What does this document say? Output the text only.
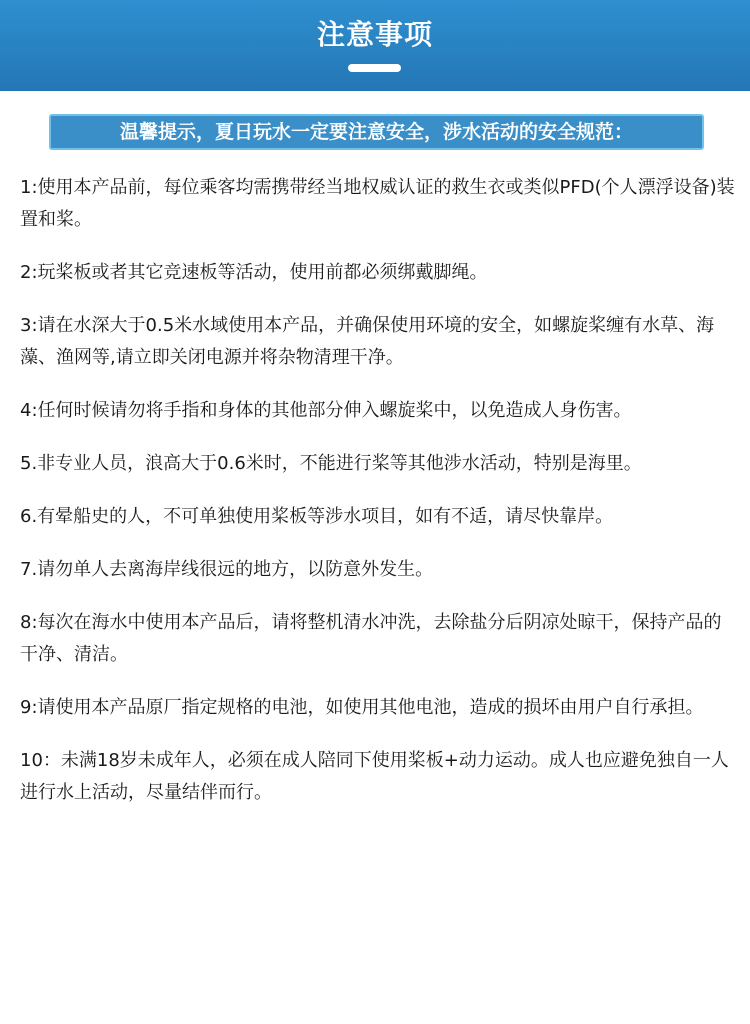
注意事项
温馨提示，夏日玩水一定要注意安全，涉水活动的安全规范：
1:使用本产品前，每位乘客均需携带经当地权威认证的救生衣或类似PFD(个人漂浮设备)装置和桨。
2:玩桨板或者其它竞速板等活动，使用前都必须绑戴脚绳。
3:请在水深大于0.5米水域使用本产品，并确保使用环境的安全，如螺旋桨缠有水草、海藻、渔网等,请立即关闭电源并将杂物清理干净。
4:任何时候请勿将手指和身体的其他部分伸入螺旋桨中，以免造成人身伤害。
5.非专业人员，浪高大于0.6米时，不能进行桨等其他涉水活动，特别是海里。
6.有晕船史的人，不可单独使用桨板等涉水项目，如有不适，请尽快靠岸。
7.请勿单人去离海岸线很远的地方，以防意外发生。
8:每次在海水中使用本产品后，请将整机清水冲洗，去除盐分后阴凉处晾干，保持产品的干净、清洁。
9:请使用本产品原厂指定规格的电池，如使用其他电池，造成的损坏由用户自行承担。
10：未满18岁未成年人，必须在成人陪同下使用桨板+动力运动。成人也应避免独自一人进行水上活动，尽量结伴而行。
